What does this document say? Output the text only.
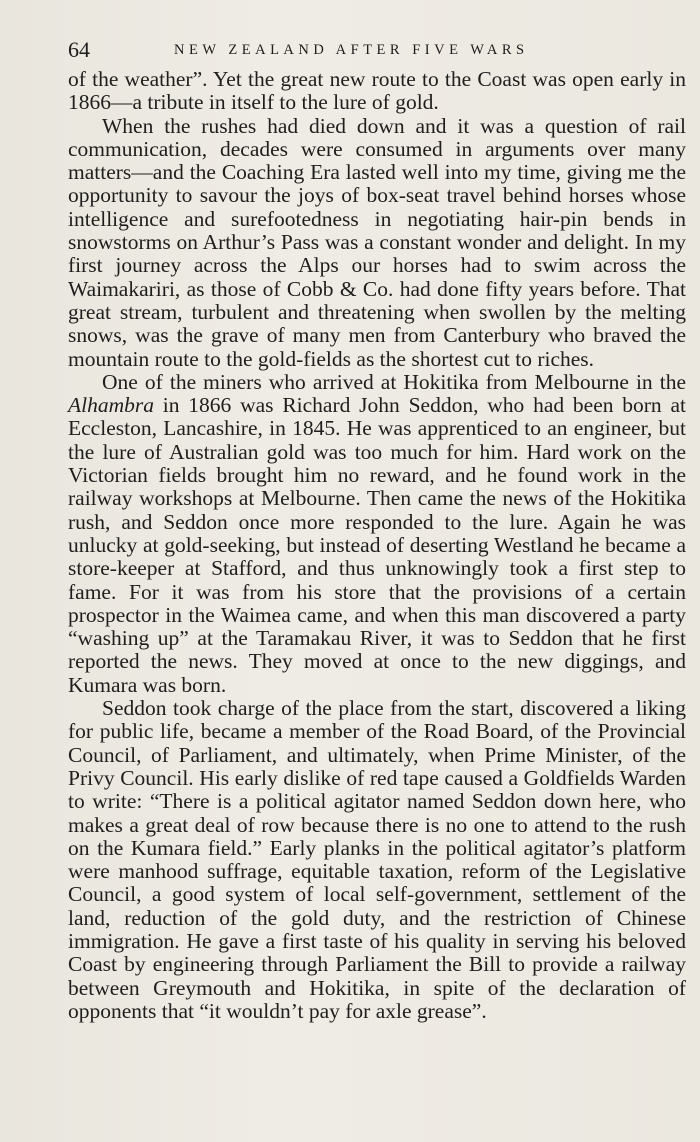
64	NEW ZEALAND AFTER FIVE WARS

of the weather”. Yet the great new route to the Coast was open early in 1866—a tribute in itself to the lure of gold.

When the rushes had died down and it was a question of rail communication, decades were consumed in arguments over many matters—and the Coaching Era lasted well into my time, giving me the opportunity to savour the joys of box-seat travel behind horses whose intelligence and surefootedness in negotiating hair-pin bends in snowstorms on Arthur’s Pass was a constant wonder and delight. In my first journey across the Alps our horses had to swim across the Waimakariri, as those of Cobb & Co. had done fifty years before. That great stream, turbulent and threatening when swollen by the melting snows, was the grave of many men from Canterbury who braved the mountain route to the gold-fields as the shortest cut to riches.

One of the miners who arrived at Hokitika from Melbourne in the Alhambra in 1866 was Richard John Seddon, who had been born at Eccleston, Lancashire, in 1845. He was apprenticed to an engineer, but the lure of Australian gold was too much for him. Hard work on the Victorian fields brought him no reward, and he found work in the railway workshops at Melbourne. Then came the news of the Hokitika rush, and Seddon once more responded to the lure. Again he was unlucky at gold-seeking, but instead of deserting Westland he became a store-keeper at Stafford, and thus unknowingly took a first step to fame. For it was from his store that the provisions of a certain prospector in the Waimea came, and when this man discovered a party “washing up” at the Taramakau River, it was to Seddon that he first reported the news. They moved at once to the new diggings, and Kumara was born.

Seddon took charge of the place from the start, discovered a liking for public life, became a member of the Road Board, of the Provincial Council, of Parliament, and ultimately, when Prime Minister, of the Privy Council. His early dislike of red tape caused a Goldfields Warden to write: “There is a political agitator named Seddon down here, who makes a great deal of row because there is no one to attend to the rush on the Kumara field.” Early planks in the political agitator’s platform were manhood suffrage, equitable taxation, reform of the Legislative Council, a good system of local self-government, settlement of the land, reduction of the gold duty, and the restriction of Chinese immigration. He gave a first taste of his quality in serving his beloved Coast by engineering through Parliament the Bill to provide a railway between Greymouth and Hokitika, in spite of the declaration of opponents that “it wouldn’t pay for axle grease”.
